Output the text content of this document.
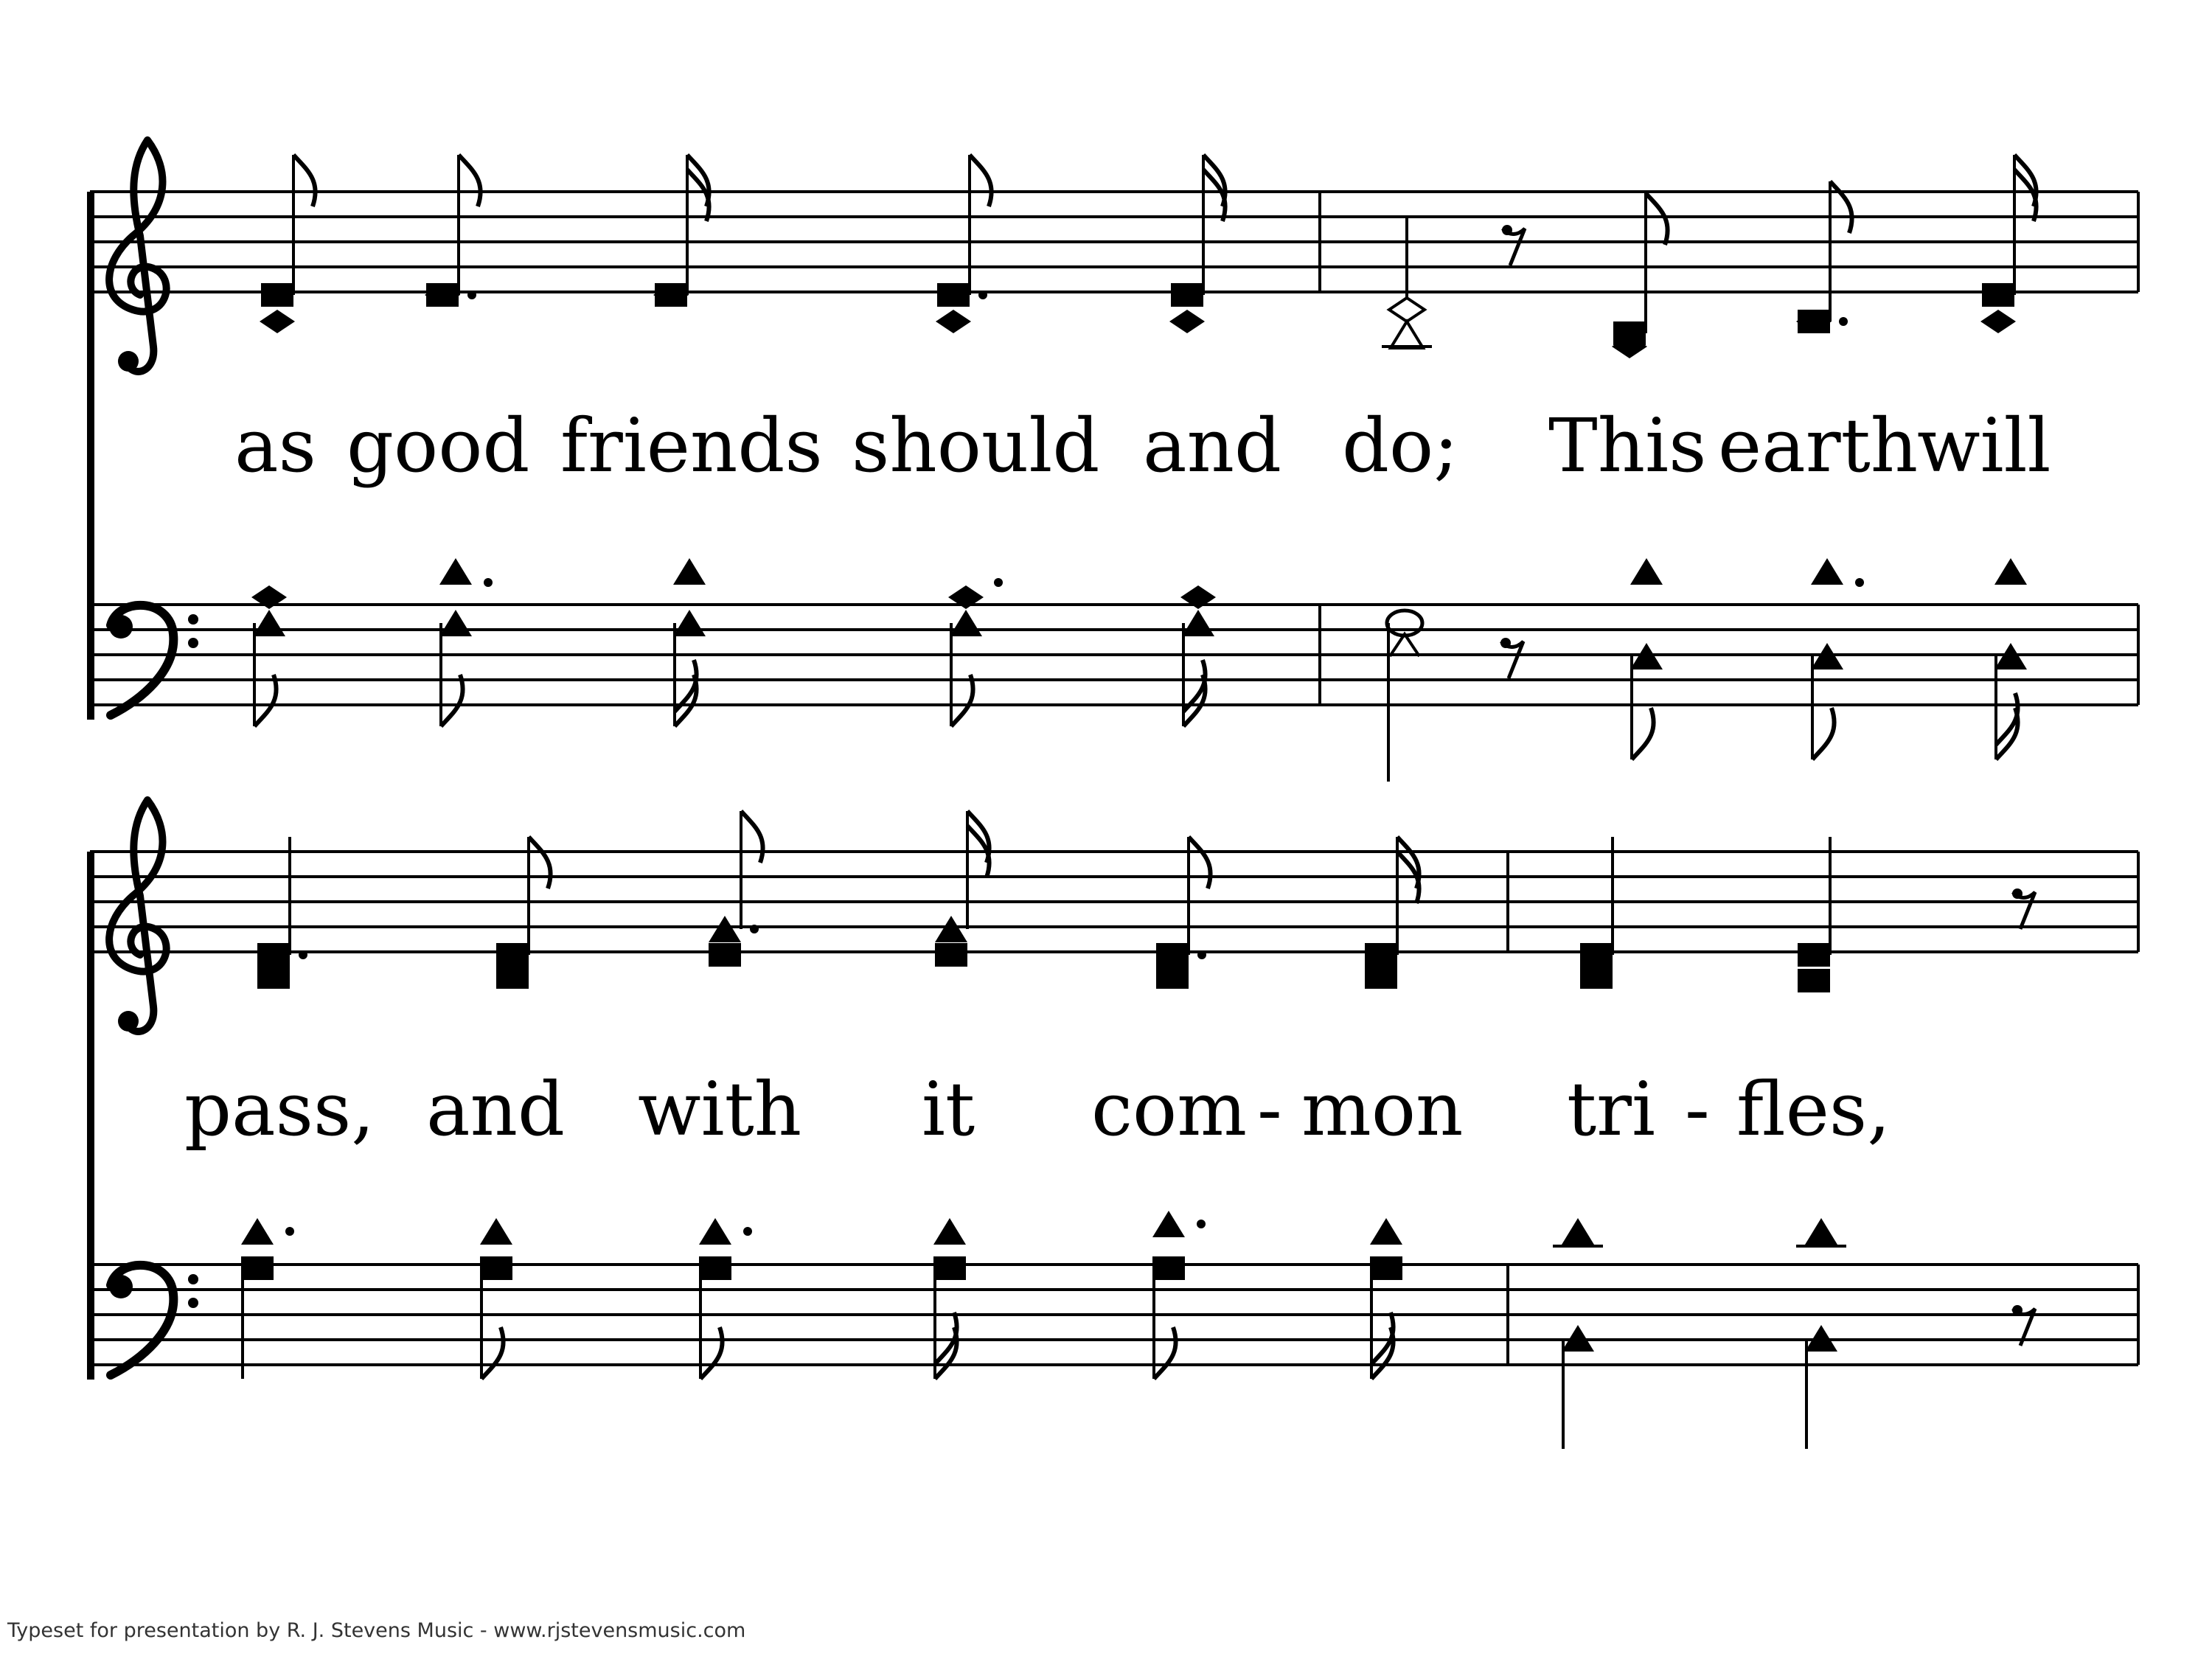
as good friends should and do; This earth
will
pass, and with it com - mon tri - fles,
Typeset for presentation by R. J. Stevens Music - www.rjstevensmusic.com
